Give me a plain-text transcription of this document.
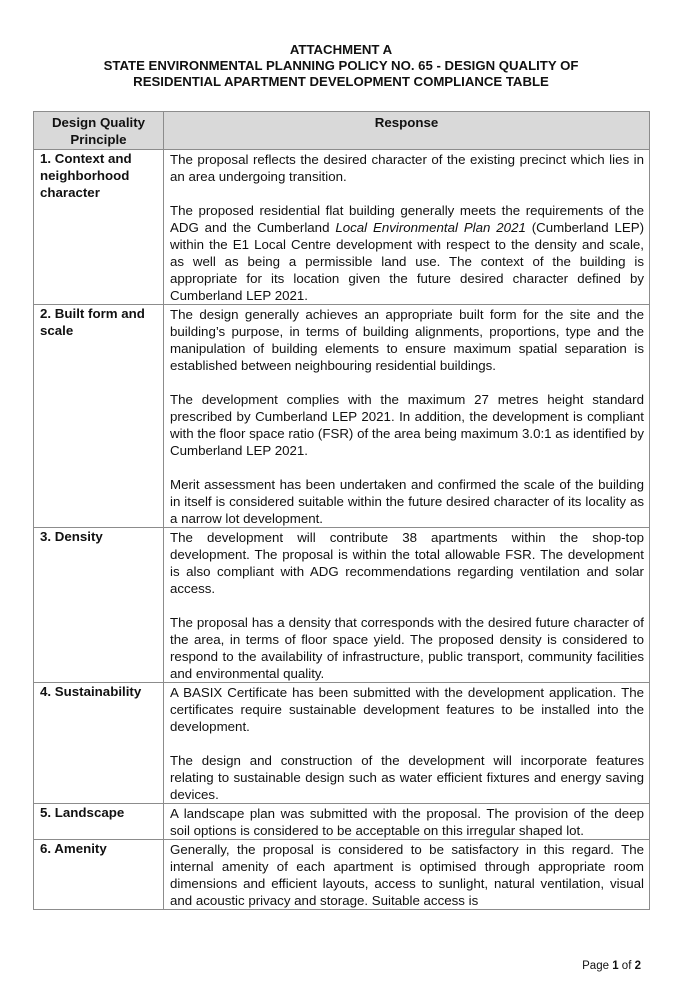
ATTACHMENT A
STATE ENVIRONMENTAL PLANNING POLICY NO. 65 - DESIGN QUALITY OF
RESIDENTIAL APARTMENT DEVELOPMENT COMPLIANCE TABLE
Design Quality Principle	Response
1. Context and neighborhood character	The proposal reflects the desired character of the existing precinct which lies in an area undergoing transition.

The proposed residential flat building generally meets the requirements of the ADG and the Cumberland Local Environmental Plan 2021 (Cumberland LEP) within the E1 Local Centre development with respect to the density and scale, as well as being a permissible land use. The context of the building is appropriate for its location given the future desired character defined by Cumberland LEP 2021.

2. Built form and scale	The design generally achieves an appropriate built form for the site and the building’s purpose, in terms of building alignments, proportions, type and the manipulation of building elements to ensure maximum spatial separation is established between neighbouring residential buildings.

The development complies with the maximum 27 metres height standard prescribed by Cumberland LEP 2021. In addition, the development is compliant with the floor space ratio (FSR) of the area being maximum 3.0:1 as identified by Cumberland LEP 2021.

Merit assessment has been undertaken and confirmed the scale of the building in itself is considered suitable within the future desired character of its locality as a narrow lot development.

3. Density	The development will contribute 38 apartments within the shop-top development. The proposal is within the total allowable FSR. The development is also compliant with ADG recommendations regarding ventilation and solar access.

The proposal has a density that corresponds with the desired future character of the area, in terms of floor space yield. The proposed density is considered to respond to the availability of infrastructure, public transport, community facilities and environmental quality.

4. Sustainability	A BASIX Certificate has been submitted with the development application. The certificates require sustainable development features to be installed into the development.

The design and construction of the development will incorporate features relating to sustainable design such as water efficient fixtures and energy saving devices.

5. Landscape	A landscape plan was submitted with the proposal. The provision of the deep soil options is considered to be acceptable on this irregular shaped lot.

6. Amenity	Generally, the proposal is considered to be satisfactory in this regard. The internal amenity of each apartment is optimised through appropriate room dimensions and efficient layouts, access to sunlight, natural ventilation, visual and acoustic privacy and storage. Suitable access is

Page 1 of 2
